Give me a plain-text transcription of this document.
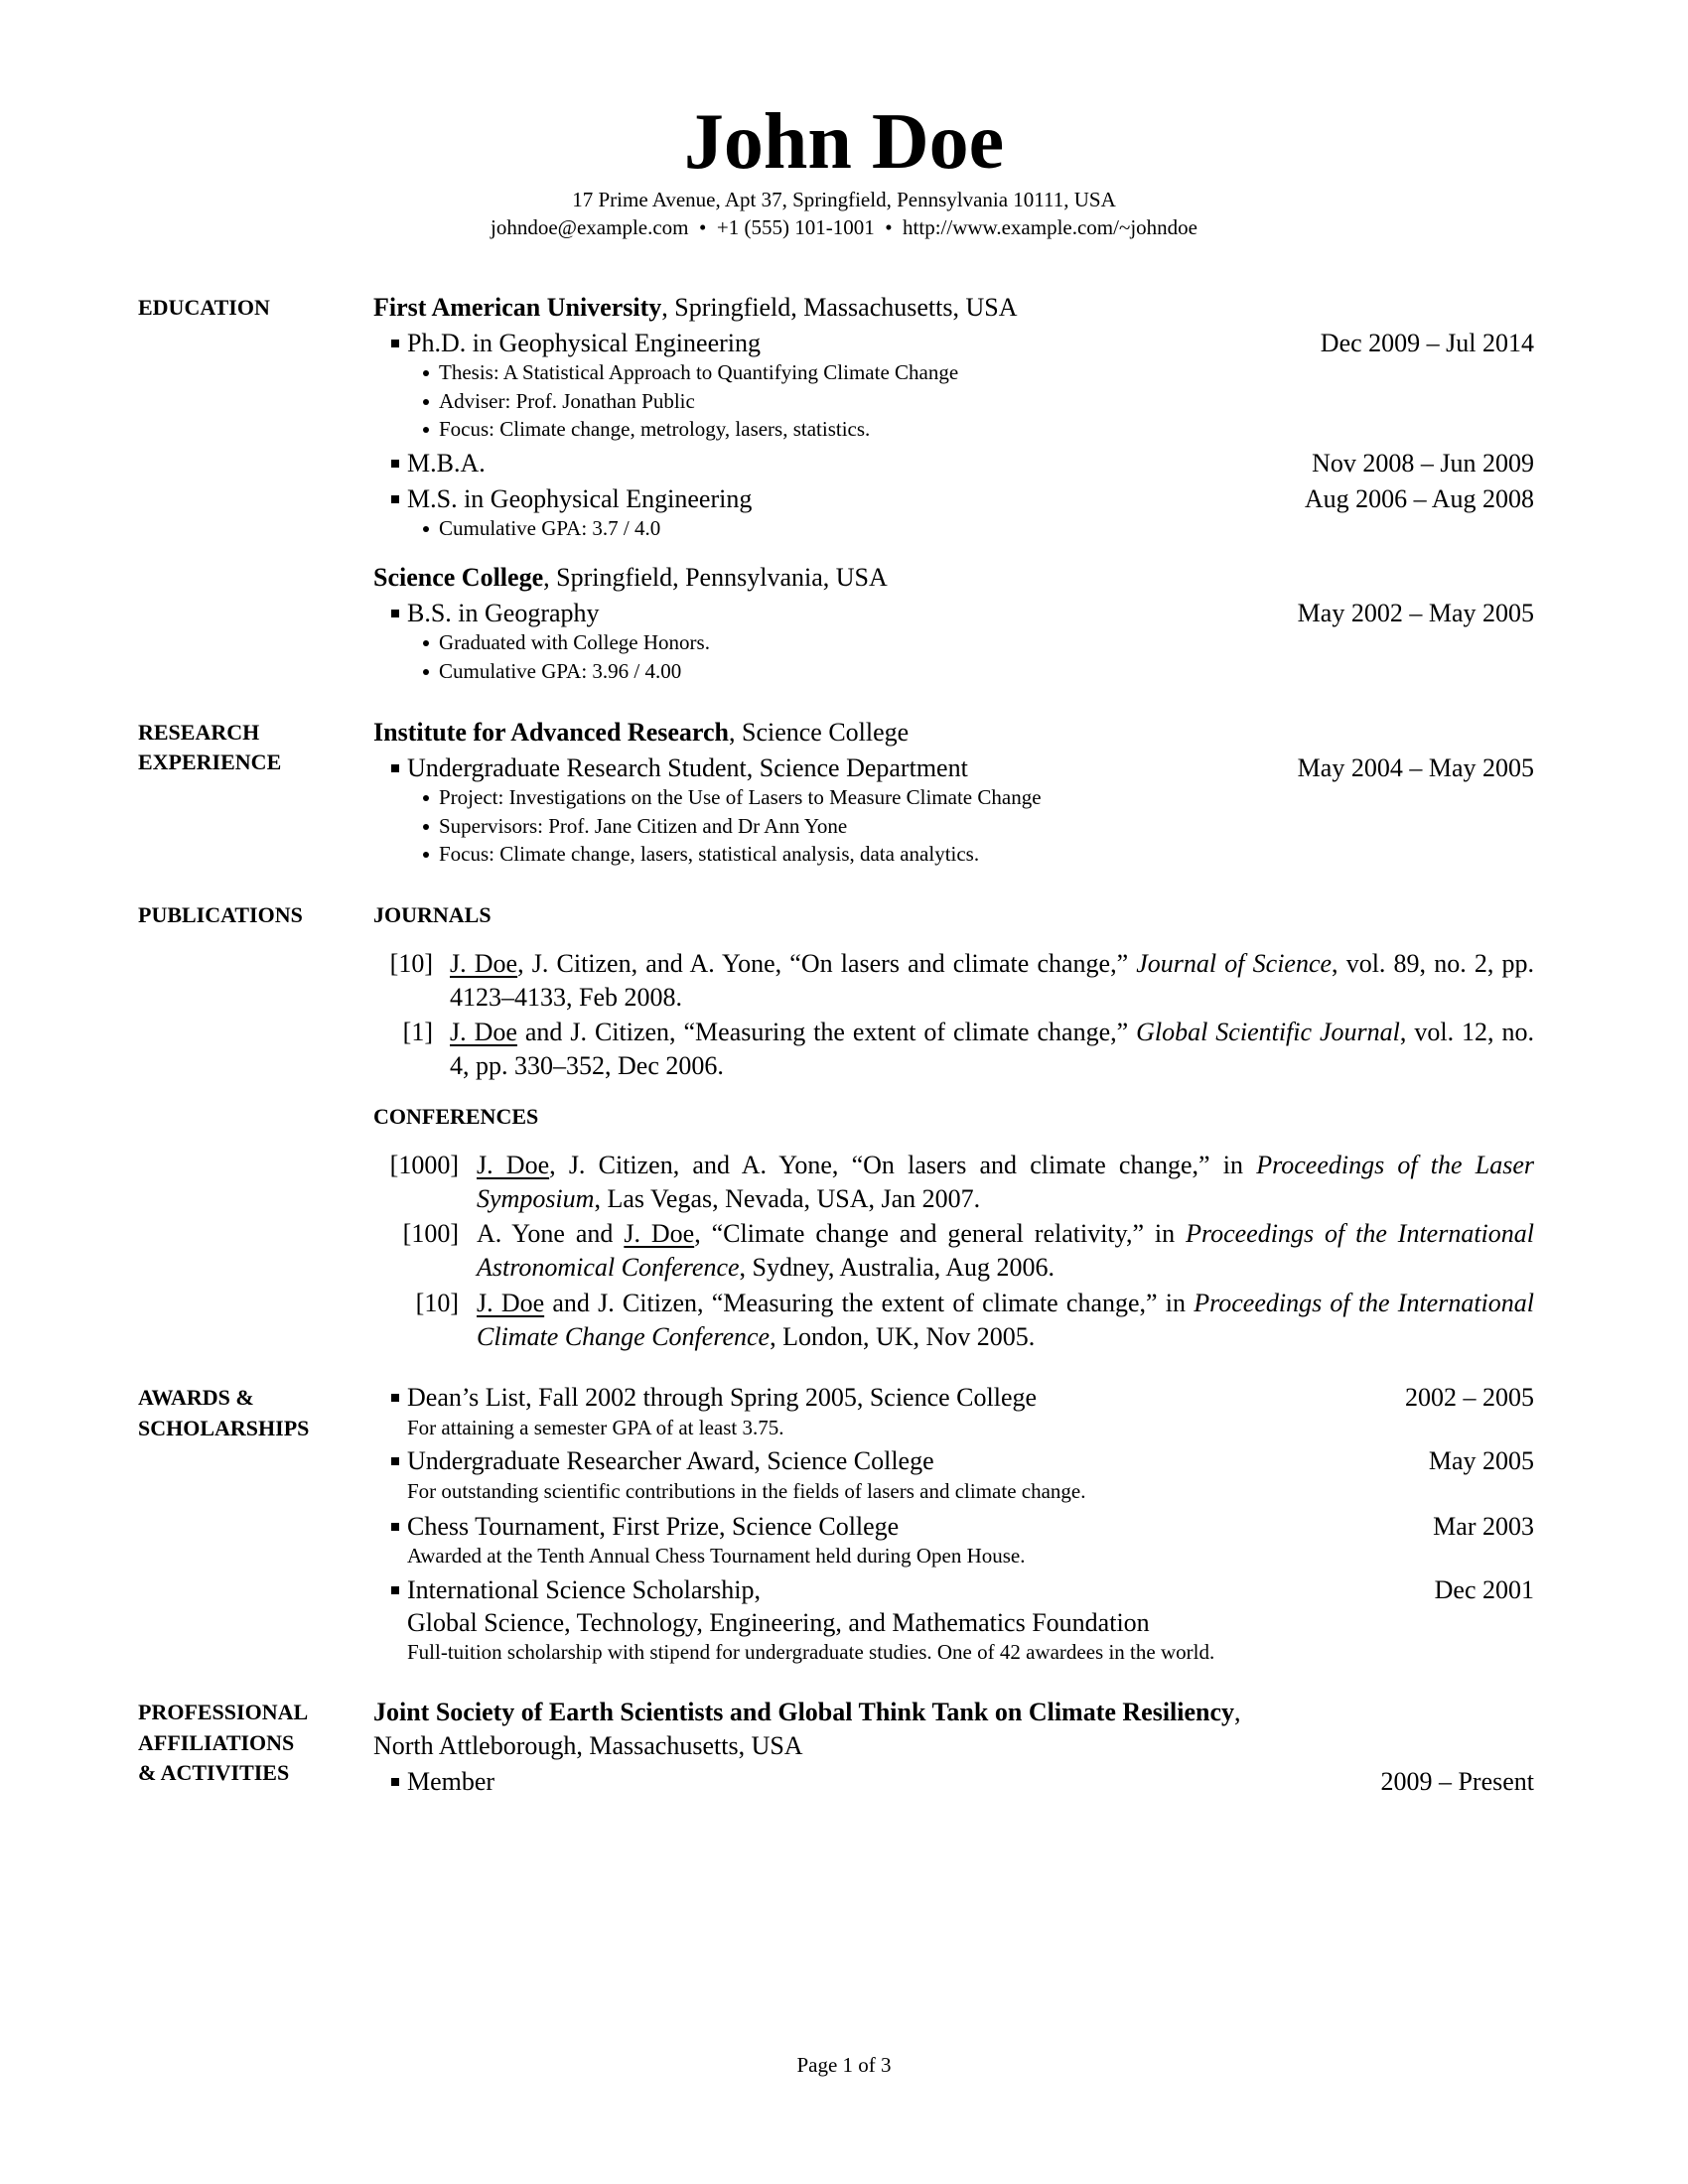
John Doe
17 Prime Avenue, Apt 37, Springfield, Pennsylvania 10111, USA
johndoe@example.com  •  +1 (555) 101-1001  •  http://www.example.com/~johndoe
EDUCATION	First American University, Springfield, Massachusetts, USA
Ph.D. in Geophysical Engineering	Dec 2009 – Jul 2014
Thesis: A Statistical Approach to Quantifying Climate Change
Adviser: Prof. Jonathan Public
Focus: Climate change, metrology, lasers, statistics.
M.B.A.	Nov 2008 – Jun 2009
M.S. in Geophysical Engineering	Aug 2006 – Aug 2008
Cumulative GPA: 3.7 / 4.0
Science College, Springfield, Pennsylvania, USA
B.S. in Geography	May 2002 – May 2005
Graduated with College Honors.
Cumulative GPA: 3.96 / 4.00
RESEARCH
EXPERIENCE
Institute for Advanced Research, Science College
Undergraduate Research Student, Science Department	May 2004 – May 2005
Project: Investigations on the Use of Lasers to Measure Climate Change
Supervisors: Prof. Jane Citizen and Dr Ann Yone
Focus: Climate change, lasers, statistical analysis, data analytics.
PUBLICATIONS	JOURNALS
[10] J. Doe, J. Citizen, and A. Yone, “On lasers and climate change,” Journal of Science, vol. 89, no. 2, pp. 4123–4133, Feb 2008.
[1] J. Doe and J. Citizen, “Measuring the extent of climate change,” Global Scientific Journal, vol. 12, no. 4, pp. 330–352, Dec 2006.
CONFERENCES
[1000] J. Doe, J. Citizen, and A. Yone, “On lasers and climate change,” in Proceedings of the Laser Symposium, Las Vegas, Nevada, USA, Jan 2007.
[100] A. Yone and J. Doe, “Climate change and general relativity,” in Proceedings of the International Astronomical Conference, Sydney, Australia, Aug 2006.
[10] J. Doe and J. Citizen, “Measuring the extent of climate change,” in Proceedings of the International Climate Change Conference, London, UK, Nov 2005.
AWARDS &
SCHOLARSHIPS
Dean’s List, Fall 2002 through Spring 2005, Science College	2002 – 2005
For attaining a semester GPA of at least 3.75.
Undergraduate Researcher Award, Science College	May 2005
For outstanding scientific contributions in the fields of lasers and climate change.
Chess Tournament, First Prize, Science College	Mar 2003
Awarded at the Tenth Annual Chess Tournament held during Open House.
International Science Scholarship,	Dec 2001
Global Science, Technology, Engineering, and Mathematics Foundation
Full-tuition scholarship with stipend for undergraduate studies. One of 42 awardees in the world.
PROFESSIONAL
AFFILIATIONS
& ACTIVITIES
Joint Society of Earth Scientists and Global Think Tank on Climate Resiliency,
North Attleborough, Massachusetts, USA
Member	2009 – Present
Page 1 of 3
